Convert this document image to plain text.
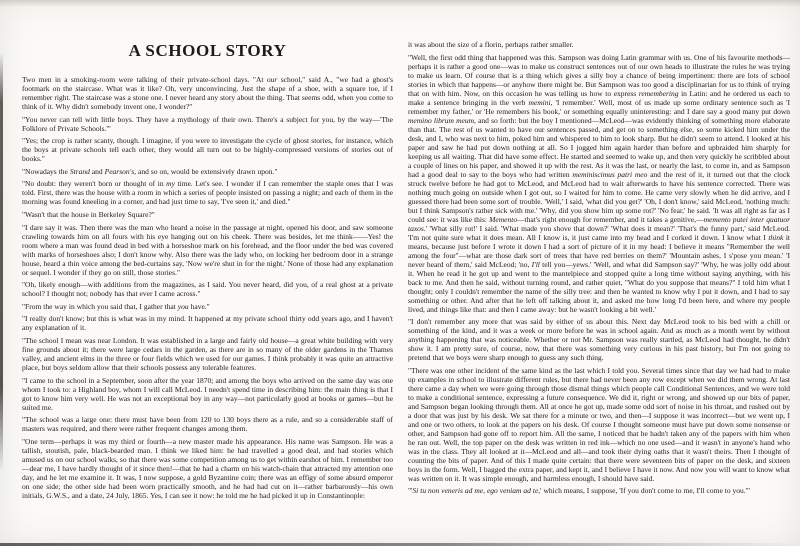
A SCHOOL STORY

Two men in a smoking-room were talking of their private-school days. "At our school," said A., "we had a ghost's footmark on the staircase. What was it like? Oh, very unconvincing. Just the shape of a shoe, with a square toe, if I remember right. The staircase was a stone one. I never heard any story about the thing. That seems odd, when you come to think of it. Why didn't somebody invent one, I wonder?"

"You never can tell with little boys. They have a mythology of their own. There's a subject for you, by the way—'The Folklore of Private Schools.'"

"Yes; the crop is rather scanty, though. I imagine, if you were to investigate the cycle of ghost stories, for instance, which the boys at private schools tell each other, they would all turn out to be highly-compressed versions of stories out of books."

"Nowadays the Strand and Pearson's, and so on, would be extensively drawn upon."

"No doubt: they weren't born or thought of in my time. Let's see. I wonder if I can remember the staple ones that I was told. First, there was the house with a room in which a series of people insisted on passing a night; and each of them in the morning was found kneeling in a corner, and had just time to say, 'I've seen it,' and died."

"Wasn't that the house in Berkeley Square?"

"I dare say it was. Then there was the man who heard a noise in the passage at night, opened his door, and saw someone crawling towards him on all fours with his eye hanging out on his cheek. There was besides, let me think——Yes! the room where a man was found dead in bed with a horseshoe mark on his forehead, and the floor under the bed was covered with marks of horseshoes also; I don't know why. Also there was the lady who, on locking her bedroom door in a strange house, heard a thin voice among the bed-curtains say, 'Now we're shut in for the night.' None of those had any explanation or sequel. I wonder if they go on still, those stories."

"Oh, likely enough—with additions from the magazines, as I said. You never heard, did you, of a real ghost at a private school? I thought not; nobody has that ever I came across."

"From the way in which you said that, I gather that you have."

"I really don't know; but this is what was in my mind. It happened at my private school thirty odd years ago, and I haven't any explanation of it.

"The school I mean was near London. It was established in a large and fairly old house—a great white building with very fine grounds about it; there were large cedars in the garden, as there are in so many of the older gardens in the Thames valley, and ancient elms in the three or four fields which we used for our games. I think probably it was quite an attractive place, but boys seldom allow that their schools possess any tolerable features.

"I came to the school in a September, soon after the year 1870; and among the boys who arrived on the same day was one whom I took to: a Highland boy, whom I will call McLeod. I needn't spend time in describing him: the main thing is that I got to know him very well. He was not an exceptional boy in any way—not particularly good at books or games—but he suited me.

"The school was a large one: there must have been from 120 to 130 boys there as a rule, and so a considerable staff of masters was required, and there were rather frequent changes among them.

"One term—perhaps it was my third or fourth—a new master made his appearance. His name was Sampson. He was a tallish, stoutish, pale, black-bearded man. I think we liked him: he had travelled a good deal, and had stories which amused us on our school walks, so that there was some competition among us to get within earshot of him. I remember too—dear me, I have hardly thought of it since then!—that he had a charm on his watch-chain that attracted my attention one day, and he let me examine it. It was, I now suppose, a gold Byzantine coin; there was an effigy of some absurd emperor on one side; the other side had been worn practically smooth, and he had had cut on it—rather barbarously—his own initials, G.W.S., and a date, 24 July, 1865. Yes, I can see it now: he told me he had picked it up in Constantinople:

it was about the size of a florin, perhaps rather smaller.

"Well, the first odd thing that happened was this. Sampson was doing Latin grammar with us. One of his favourite methods—perhaps it is rather a good one—was to make us construct sentences out of our own heads to illustrate the rules he was trying to make us learn. Of course that is a thing which gives a silly boy a chance of being impertinent: there are lots of school stories in which that happens—or anyhow there might be. But Sampson was too good a disciplinarian for us to think of trying that on with him. Now, on this occasion he was telling us how to express remembering in Latin: and he ordered us each to make a sentence bringing in the verb memini, 'I remember.' Well, most of us made up some ordinary sentence such as 'I remember my father,' or 'He remembers his book,' or something equally uninteresting: and I dare say a good many put down memino librum meum, and so forth: but the boy I mentioned—McLeod—was evidently thinking of something more elaborate than that. The rest of us wanted to have our sentences passed, and get on to something else, so some kicked him under the desk, and I, who was next to him, poked him and whispered to him to look sharp. But he didn't seem to attend. I looked at his paper and saw he had put down nothing at all. So I jogged him again harder than before and upbraided him sharply for keeping us all waiting. That did have some effect. He started and seemed to wake up, and then very quickly he scribbled about a couple of lines on his paper, and showed it up with the rest. As it was the last, or nearly the last, to come in, and as Sampson had a good deal to say to the boys who had written meminiscimus patri meo and the rest of it, it turned out that the clock struck twelve before he had got to McLeod, and McLeod had to wait afterwards to have his sentence corrected. There was nothing much going on outside when I got out, so I waited for him to come. He came very slowly when he did arrive, and I guessed there had been some sort of trouble. 'Well,' I said, 'what did you get?' 'Oh, I don't know,' said McLeod, 'nothing much: but I think Sampson's rather sick with me.' 'Why, did you show him up some rot?' 'No fear,' he said. 'It was all right as far as I could see: it was like this: Memento—that's right enough for remember, and it takes a genitive,—memento putei inter quatuor taxos.' 'What silly rot!' I said. 'What made you shove that down?' 'What does it mean?' 'That's the funny part,' said McLeod. 'I'm not quite sure what it does mean. All I know is, it just came into my head and I corked it down. I know what I think it means, because just before I wrote it down I had a sort of picture of it in my head: I believe it means "Remember the well among the four"—what are those dark sort of trees that have red berries on them?' 'Mountain ashes, I s'pose you mean.' 'I never heard of them,' said McLeod; 'no, I'll tell you—yews.' 'Well, and what did Sampson say?' 'Why, he was jolly odd about it. When he read it he got up and went to the mantelpiece and stopped quite a long time without saying anything, with his back to me. And then he said, without turning round, and rather quiet, "What do you suppose that means?" I told him what I thought; only I couldn't remember the name of the silly tree: and then he wanted to know why I put it down, and I had to say something or other. And after that he left off talking about it, and asked me how long I'd been here, and where my people lived, and things like that: and then I came away: but he wasn't looking a bit well.'

"I don't remember any more that was said by either of us about this. Next day McLeod took to his bed with a chill or something of the kind, and it was a week or more before he was in school again. And as much as a month went by without anything happening that was noticeable. Whether or not Mr. Sampson was really startled, as McLeod had thought, he didn't show it. I am pretty sure, of course, now, that there was something very curious in his past history, but I'm not going to pretend that we boys were sharp enough to guess any such thing.

"There was one other incident of the same kind as the last which I told you. Several times since that day we had had to make up examples in school to illustrate different rules, but there had never been any row except when we did them wrong. At last there came a day when we were going through those dismal things which people call Conditional Sentences, and we were told to make a conditional sentence, expressing a future consequence. We did it, right or wrong, and showed up our bits of paper, and Sampson began looking through them. All at once he got up, made some odd sort of noise in his throat, and rushed out by a door that was just by his desk. We sat there for a minute or two, and then—I suppose it was incorrect—but we went up, I and one or two others, to look at the papers on his desk. Of course I thought someone must have put down some nonsense or other, and Sampson had gone off to report him. All the same, I noticed that he hadn't taken any of the papers with him when he ran out. Well, the top paper on the desk was written in red ink—which no one used—and it wasn't in anyone's hand who was in the class. They all looked at it—McLeod and all—and took their dying oaths that it wasn't theirs. Then I thought of counting the bits of paper. And of this I made quite certain: that there were seventeen bits of paper on the desk, and sixteen boys in the form. Well, I bagged the extra paper, and kept it, and I believe I have it now. And now you will want to know what was written on it. It was simple enough, and harmless enough, I should have said.

"'Si tu non veneris ad me, ego veniam ad te,' which means, I suppose, 'If you don't come to me, I'll come to you.'"
